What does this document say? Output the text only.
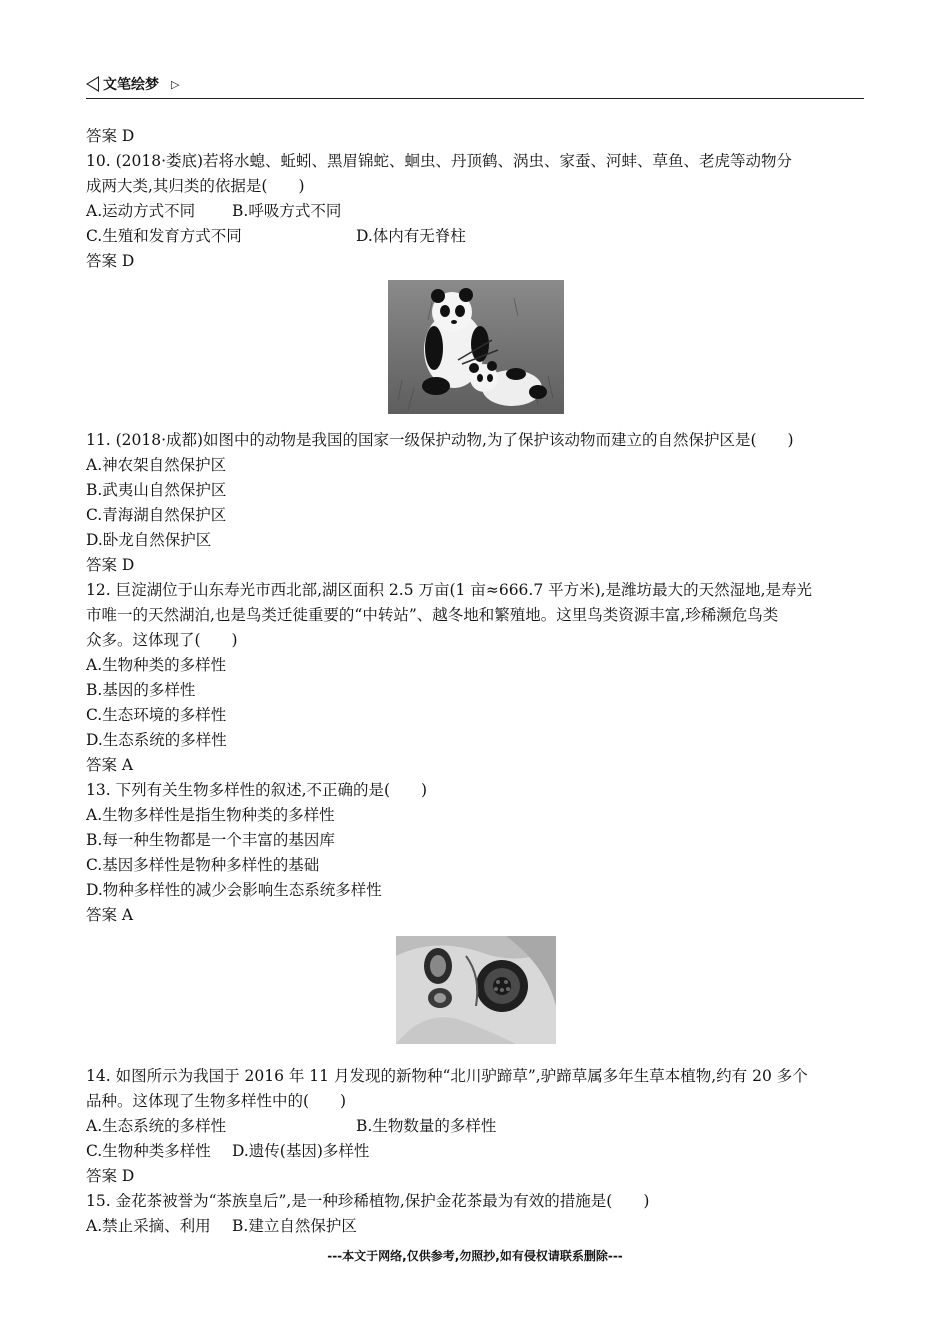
文笔绘梦 ▷
答案 D
10. (2018·娄底)若将水螅、蚯蚓、黑眉锦蛇、蛔虫、丹顶鹤、涡虫、家蚕、河蚌、草鱼、老虎等动物分
成两大类,其归类的依据是(　　)
A.运动方式不同	B.呼吸方式不同
C.生殖和发育方式不同	D.体内有无脊柱
答案 D
11. (2018·成都)如图中的动物是我国的国家一级保护动物,为了保护该动物而建立的自然保护区是(　　)
A.神农架自然保护区
B.武夷山自然保护区
C.青海湖自然保护区
D.卧龙自然保护区
答案 D
12. 巨淀湖位于山东寿光市西北部,湖区面积 2.5 万亩(1 亩≈666.7 平方米),是潍坊最大的天然湿地,是寿光
市唯一的天然湖泊,也是鸟类迁徙重要的“中转站”、越冬地和繁殖地。这里鸟类资源丰富,珍稀濒危鸟类
众多。这体现了(　　)
A.生物种类的多样性
B.基因的多样性
C.生态环境的多样性
D.生态系统的多样性
答案 A
13. 下列有关生物多样性的叙述,不正确的是(　　)
A.生物多样性是指生物种类的多样性
B.每一种生物都是一个丰富的基因库
C.基因多样性是物种多样性的基础
D.物种多样性的减少会影响生态系统多样性
答案 A
14. 如图所示为我国于 2016 年 11 月发现的新物种“北川驴蹄草”,驴蹄草属多年生草本植物,约有 20 多个
品种。这体现了生物多样性中的(　　)
A.生态系统的多样性	B.生物数量的多样性
C.生物种类多样性	D.遗传(基因)多样性
答案 D
15. 金花茶被誉为“茶族皇后”,是一种珍稀植物,保护金花茶最为有效的措施是(　　)
A.禁止采摘、利用	B.建立自然保护区
---本文于网络,仅供参考,勿照抄,如有侵权请联系删除---
